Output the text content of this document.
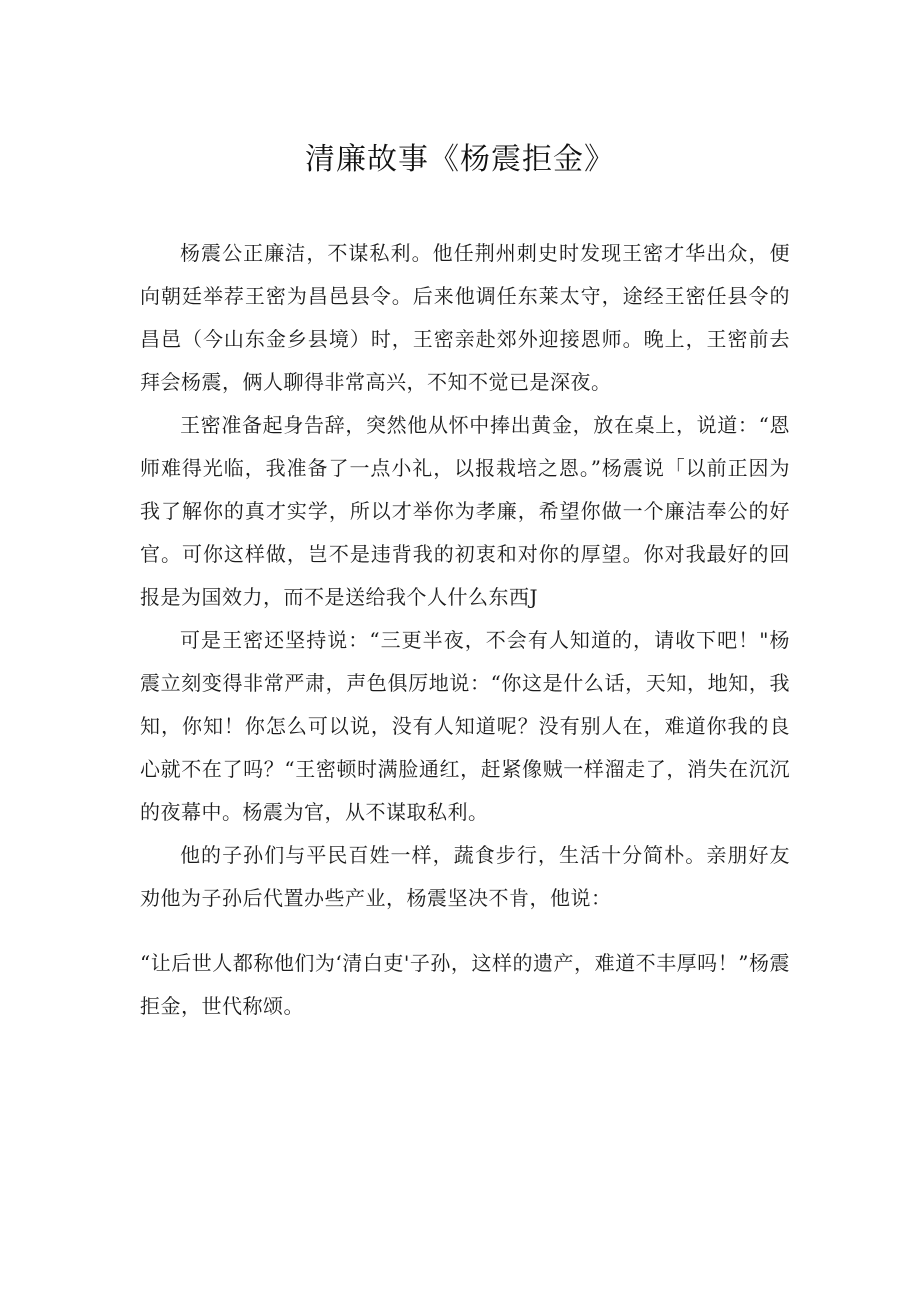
清廉故事《杨震拒金》

杨震公正廉洁，不谋私利。他任荆州刺史时发现王密才华出众，便向朝廷举荐王密为昌邑县令。后来他调任东莱太守，途经王密任县令的昌邑（今山东金乡县境）时，王密亲赴郊外迎接恩师。晚上，王密前去拜会杨震，俩人聊得非常高兴，不知不觉已是深夜。

王密准备起身告辞，突然他从怀中捧出黄金，放在桌上，说道：“恩师难得光临，我准备了一点小礼，以报栽培之恩。”杨震说「以前正因为我了解你的真才实学，所以才举你为孝廉，希望你做一个廉洁奉公的好官。可你这样做，岂不是违背我的初衷和对你的厚望。你对我最好的回报是为国效力，而不是送给我个人什么东西J

可是王密还坚持说：“三更半夜，不会有人知道的，请收下吧！"杨震立刻变得非常严肃，声色俱厉地说：“你这是什么话，天知，地知，我知，你知！你怎么可以说，没有人知道呢？没有别人在，难道你我的良心就不在了吗？“王密顿时满脸通红，赶紧像贼一样溜走了，消失在沉沉的夜幕中。杨震为官，从不谋取私利。

他的子孙们与平民百姓一样，蔬食步行，生活十分简朴。亲朋好友劝他为子孙后代置办些产业，杨震坚决不肯，他说：

“让后世人都称他们为‘清白吏'子孙，这样的遗产，难道不丰厚吗！”杨震拒金，世代称颂。
